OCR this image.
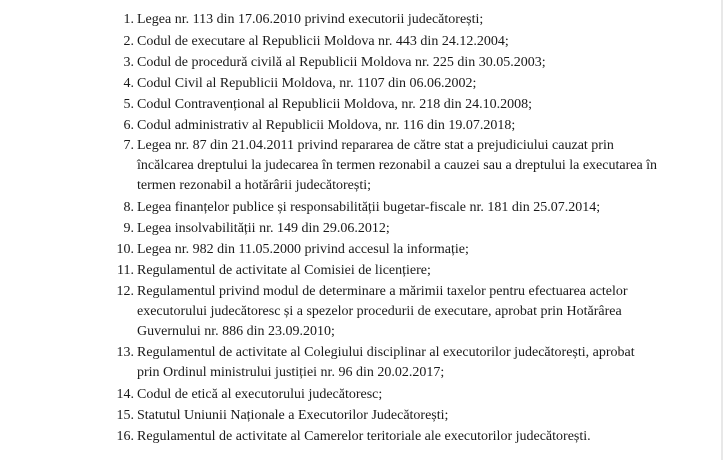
1. Legea nr. 113 din 17.06.2010 privind executorii judecătorești;
2. Codul de executare al Republicii Moldova nr. 443 din 24.12.2004;
3. Codul de procedură civilă al Republicii Moldova nr. 225 din 30.05.2003;
4. Codul Civil al Republicii Moldova, nr. 1107 din 06.06.2002;
5. Codul Contravențional al Republicii Moldova, nr. 218 din 24.10.2008;
6. Codul administrativ al Republicii Moldova, nr. 116 din 19.07.2018;
7. Legea nr. 87 din 21.04.2011 privind repararea de către stat a prejudiciului cauzat prin
încălcarea dreptului la judecarea în termen rezonabil a cauzei sau a dreptului la executarea în
termen rezonabil a hotărârii judecătorești;
8. Legea finanțelor publice și responsabilității bugetar-fiscale nr. 181 din 25.07.2014;
9. Legea insolvabilității nr. 149 din 29.06.2012;
10. Legea nr. 982 din 11.05.2000 privind accesul la informație;
11. Regulamentul de activitate al Comisiei de licențiere;
12. Regulamentul privind modul de determinare a mărimii taxelor pentru efectuarea actelor
executorului judecătoresc și a spezelor procedurii de executare, aprobat prin Hotărârea
Guvernului nr. 886 din 23.09.2010;
13. Regulamentul de activitate al Colegiului disciplinar al executorilor judecătorești, aprobat
prin Ordinul ministrului justiției nr. 96 din 20.02.2017;
14. Codul de etică al executorului judecătoresc;
15. Statutul Uniunii Naționale a Executorilor Judecătorești;
16. Regulamentul de activitate al Camerelor teritoriale ale executorilor judecătorești.
